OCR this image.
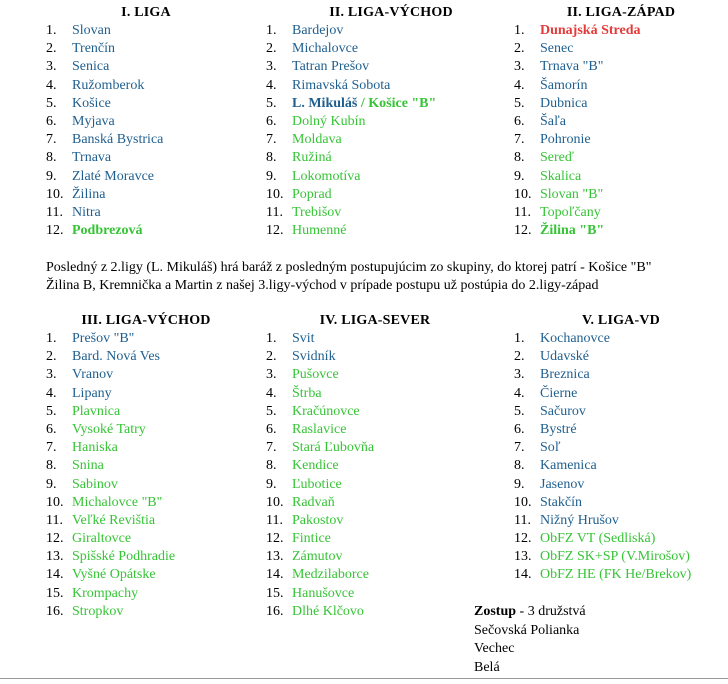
I. LIGA
1. Slovan
2. Trenčín
3. Senica
4. Ružomberok
5. Košice
6. Myjava
7. Banská Bystrica
8. Trnava
9. Zlaté Moravce
10. Žilina
11. Nitra
12. Podbrezová
II. LIGA-VÝCHOD
1. Bardejov
2. Michalovce
3. Tatran Prešov
4. Rimavská Sobota
5. L. Mikuláš / Košice "B"
6. Dolný Kubín
7. Moldava
8. Ružiná
9. Lokomotíva
10. Poprad
11. Trebišov
12. Humenné
II. LIGA-ZÁPAD
1. Dunajská Streda
2. Senec
3. Trnava "B"
4. Šamorín
5. Dubnica
6. Šaľa
7. Pohronie
8. Sereď
9. Skalica
10. Slovan "B"
11. Topoľčany
12. Žilina "B"
Posledný z 2.ligy (L. Mikuláš) hrá baráž z posledným postupujúcim zo skupiny, do ktorej patrí - Košice "B"
Žilina B, Kremnička a Martin z našej 3.ligy-východ v prípade postupu už postúpia do 2.ligy-západ
III. LIGA-VÝCHOD
1. Prešov "B"
2. Bard. Nová Ves
3. Vranov
4. Lipany
5. Plavnica
6. Vysoké Tatry
7. Haniska
8. Snina
9. Sabinov
10. Michalovce "B"
11. Veľké Revištia
12. Giraltovce
13. Spišské Podhradie
14. Vyšné Opátske
15. Krompachy
16. Stropkov
IV. LIGA-SEVER
1. Svit
2. Svidník
3. Pušovce
4. Štrba
5. Kračúnovce
6. Raslavice
7. Stará Ľubovňa
8. Kendice
9. Ľubotice
10. Radvaň
11. Pakostov
12. Fintice
13. Zámutov
14. Medzilaborce
15. Hanušovce
16. Dlhé Klčovo
V. LIGA-VD
1. Kochanovce
2. Udavské
3. Breznica
4. Čierne
5. Sačurov
6. Bystré
7. Soľ
8. Kamenica
9. Jasenov
10. Stakčín
11. Nižný Hrušov
12. ObFZ VT (Sedliská)
13. ObFZ SK+SP (V.Mirošov)
14. ObFZ HE (FK He/Brekov)
Zostup - 3 družstvá
Sečovská Polianka
Vechec
Belá
